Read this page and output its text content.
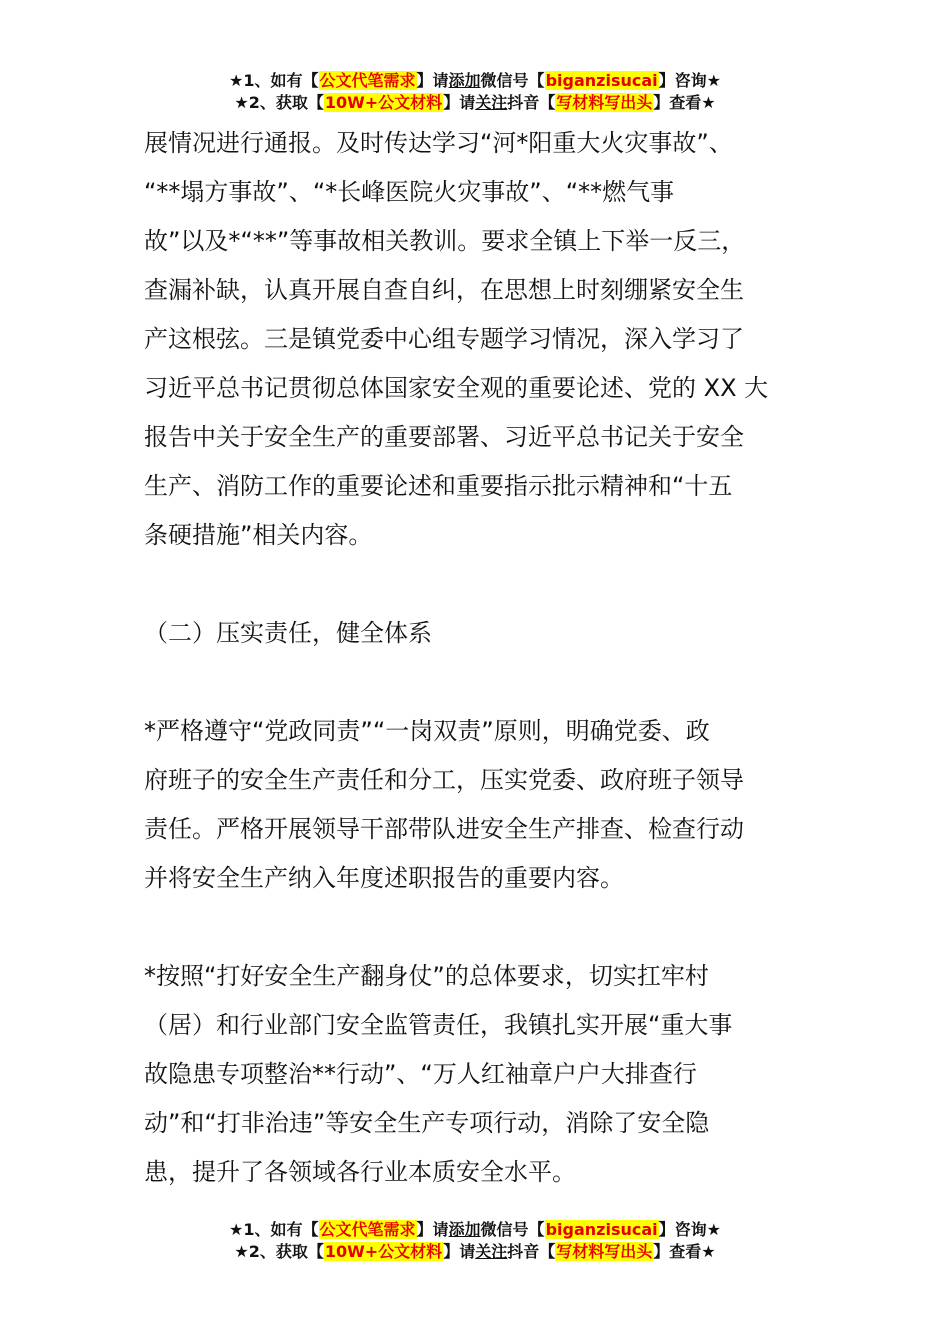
★1、如有【公文代笔需求】请添加微信号【biganzisucai】咨询★
★2、获取【10W+公文材料】请关注抖音【写材料写出头】查看★

展情况进行通报。及时传达学习“河*阳重大火灾事故”、

“**塌方事故”、“*长峰医院火灾事故”、“**燃气事

故”以及*“**”等事故相关教训。要求全镇上下举一反三，

查漏补缺，认真开展自查自纠，在思想上时刻绷紧安全生

产这根弦。三是镇党委中心组专题学习情况，深入学习了

习近平总书记贯彻总体国家安全观的重要论述、党的 XX 大

报告中关于安全生产的重要部署、习近平总书记关于安全

生产、消防工作的重要论述和重要指示批示精神和“十五

条硬措施”相关内容。

（二）压实责任，健全体系

*严格遵守“党政同责”“一岗双责”原则，明确党委、政

府班子的安全生产责任和分工，压实党委、政府班子领导

责任。严格开展领导干部带队进安全生产排查、检查行动

并将安全生产纳入年度述职报告的重要内容。

*按照“打好安全生产翻身仗”的总体要求，切实扛牢村

（居）和行业部门安全监管责任，我镇扎实开展“重大事

故隐患专项整治**行动”、“万人红袖章户户大排查行

动”和“打非治违”等安全生产专项行动，消除了安全隐

患，提升了各领域各行业本质安全水平。

★1、如有【公文代笔需求】请添加微信号【biganzisucai】咨询★
★2、获取【10W+公文材料】请关注抖音【写材料写出头】查看★
